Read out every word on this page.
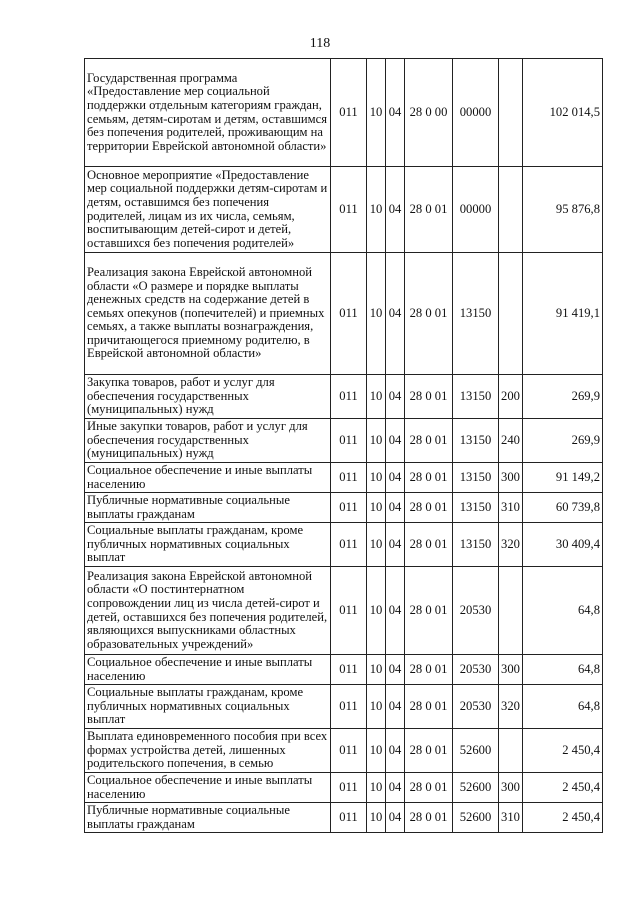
118
Государственная программа «Предоставление мер социальной поддержки отдельным категориям граждан, семьям, детям-сиротам и детям, оставшимся без попечения родителей, проживающим на территории Еврейской автономной области»	011	10	04	28 0 00	00000		102 014,5
Основное мероприятие «Предоставление мер социальной поддержки детям-сиротам и детям, оставшимся без попечения родителей, лицам из их числа, семьям, воспитывающим детей-сирот и детей, оставшихся без попечения родителей»	011	10	04	28 0 01	00000		95 876,8
Реализация закона Еврейской автономной области «О размере и порядке выплаты денежных средств на содержание детей в семьях опекунов (попечителей) и приемных семьях, а также выплаты вознаграждения, причитающегося приемному родителю, в Еврейской автономной области»	011	10	04	28 0 01	13150		91 419,1
Закупка товаров, работ и услуг для обеспечения государственных (муниципальных) нужд	011	10	04	28 0 01	13150	200	269,9
Иные закупки товаров, работ и услуг для обеспечения государственных (муниципальных) нужд	011	10	04	28 0 01	13150	240	269,9
Социальное обеспечение и иные выплаты населению	011	10	04	28 0 01	13150	300	91 149,2
Публичные нормативные социальные выплаты гражданам	011	10	04	28 0 01	13150	310	60 739,8
Социальные выплаты гражданам, кроме публичных нормативных социальных выплат	011	10	04	28 0 01	13150	320	30 409,4
Реализация закона Еврейской автономной области «О постинтернатном сопровождении лиц из числа детей-сирот и детей, оставшихся без попечения родителей, являющихся выпускниками областных образовательных учреждений»	011	10	04	28 0 01	20530		64,8
Социальное обеспечение и иные выплаты населению	011	10	04	28 0 01	20530	300	64,8
Социальные выплаты гражданам, кроме публичных нормативных социальных выплат	011	10	04	28 0 01	20530	320	64,8
Выплата единовременного пособия при всех формах устройства детей, лишенных родительского попечения, в семью	011	10	04	28 0 01	52600		2 450,4
Социальное обеспечение и иные выплаты населению	011	10	04	28 0 01	52600	300	2 450,4
Публичные нормативные социальные выплаты гражданам	011	10	04	28 0 01	52600	310	2 450,4
